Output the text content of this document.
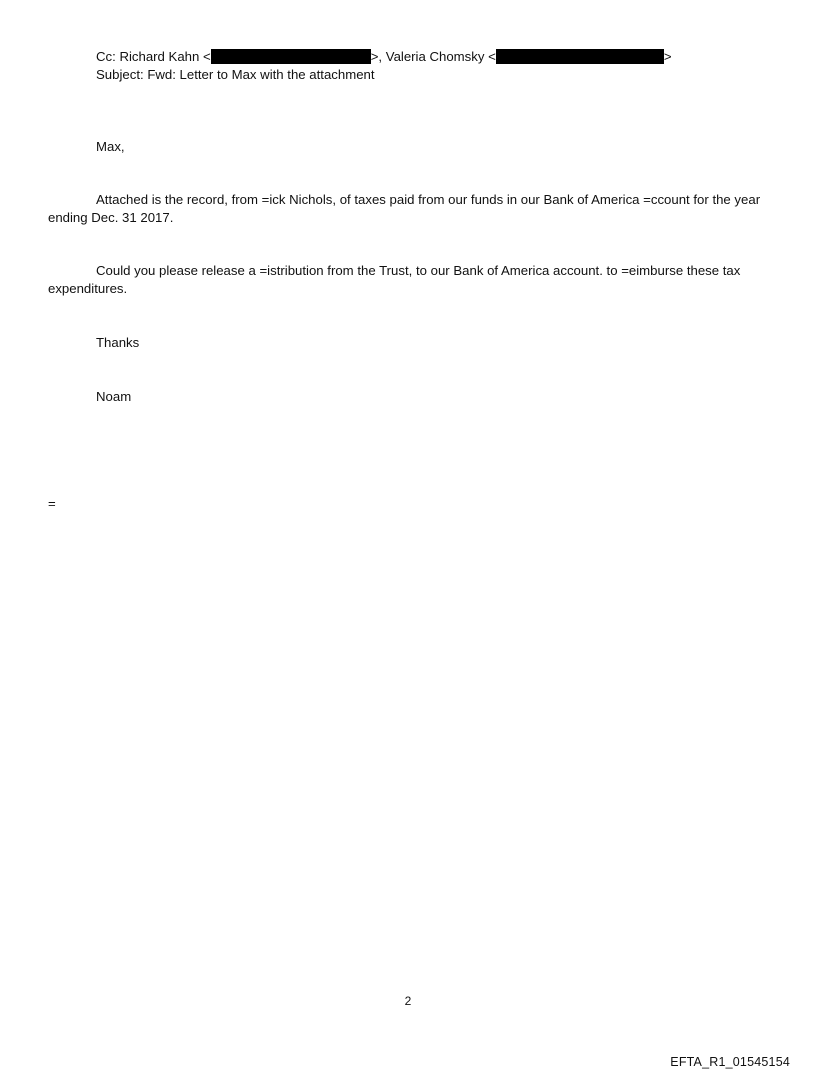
Cc: Richard Kahn <	>, Valeria Chomsky <	>
Subject: Fwd: Letter to Max with the attachment
Max,
Attached is the record, from =ick Nichols, of taxes paid from our funds in our Bank of America =ccount for the year ending Dec. 31 2017.
Could you please release a =istribution from the Trust, to our Bank of America account. to =eimburse these tax expenditures.
Thanks
Noam
=
2
EFTA_R1_01545154
